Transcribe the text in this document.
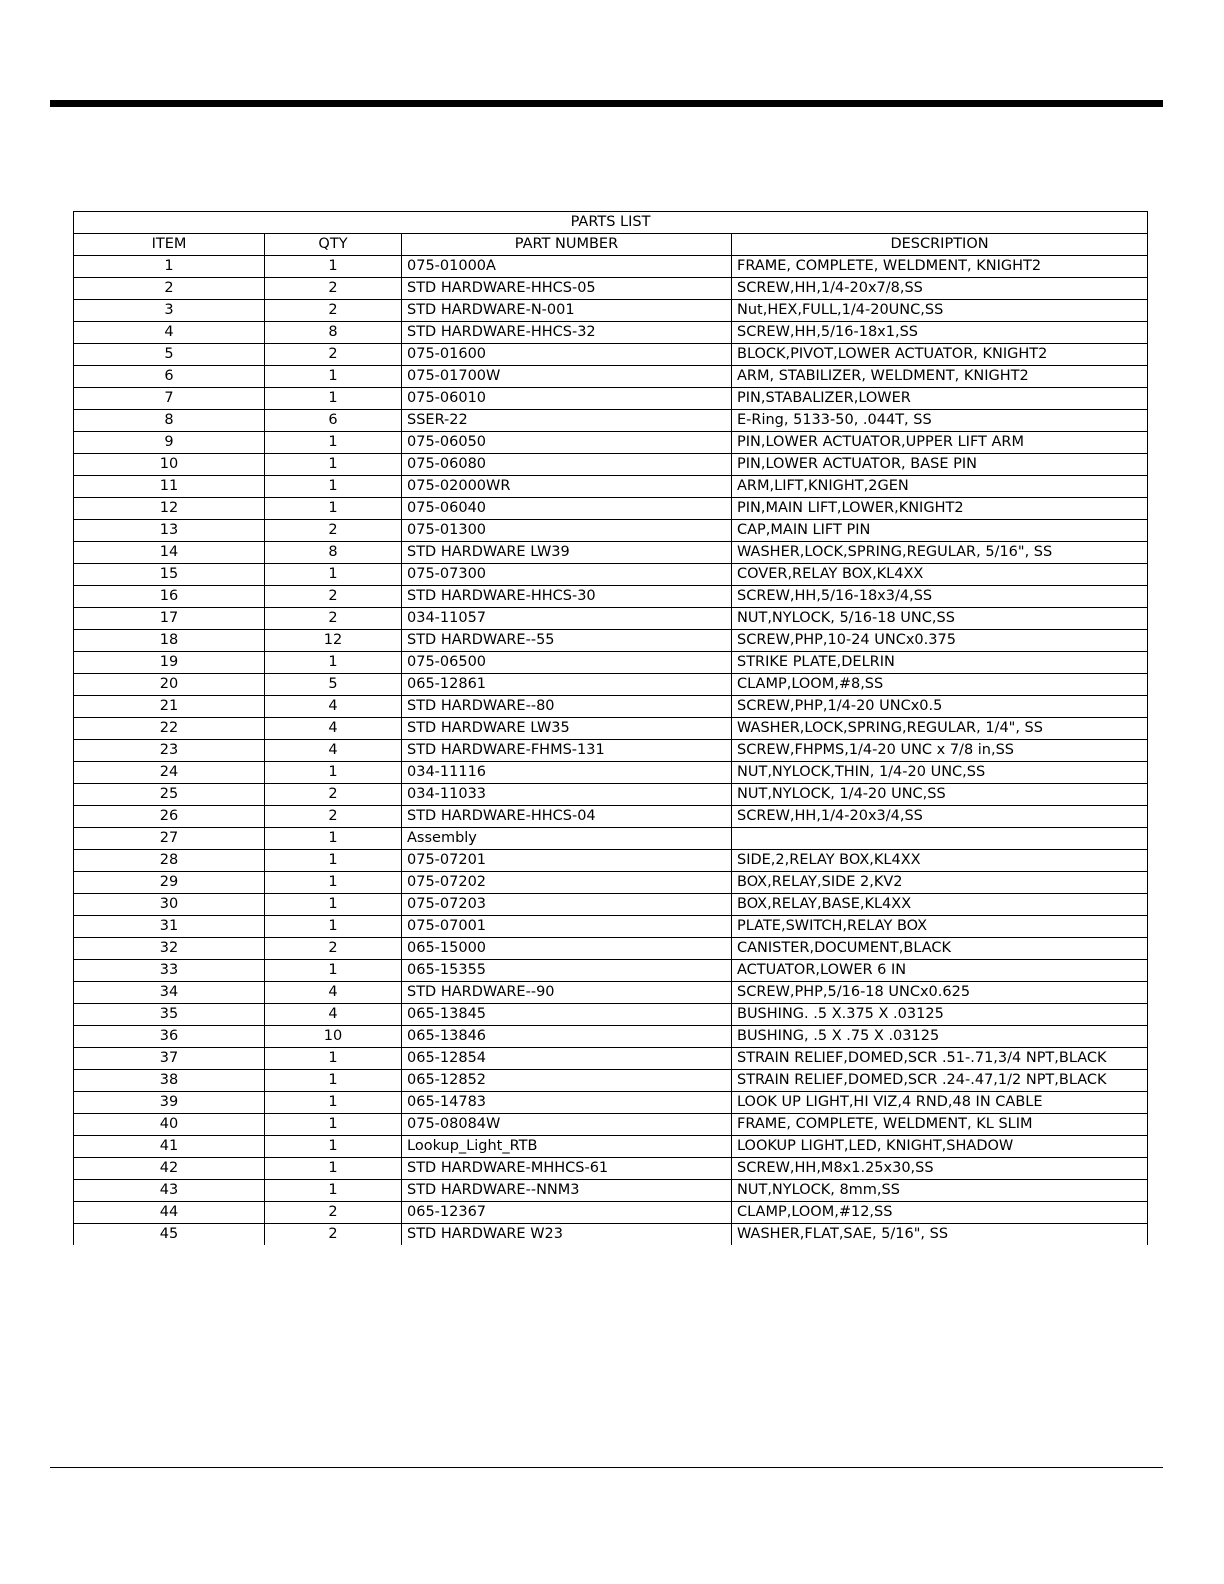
PARTS LIST			
ITEM	QTY	PART NUMBER	DESCRIPTION
1	1	075-01000A	FRAME, COMPLETE, WELDMENT, KNIGHT2
2	2	STD HARDWARE-HHCS-05	SCREW,HH,1/4-20x7/8,SS
3	2	STD HARDWARE-N-001	Nut,HEX,FULL,1/4-20UNC,SS
4	8	STD HARDWARE-HHCS-32	SCREW,HH,5/16-18x1,SS
5	2	075-01600	BLOCK,PIVOT,LOWER ACTUATOR, KNIGHT2
6	1	075-01700W	ARM, STABILIZER, WELDMENT, KNIGHT2
7	1	075-06010	PIN,STABALIZER,LOWER
8	6	SSER-22	E-Ring, 5133-50, .044T, SS
9	1	075-06050	PIN,LOWER ACTUATOR,UPPER LIFT ARM
10	1	075-06080	PIN,LOWER ACTUATOR, BASE PIN
11	1	075-02000WR	ARM,LIFT,KNIGHT,2GEN
12	1	075-06040	PIN,MAIN LIFT,LOWER,KNIGHT2
13	2	075-01300	CAP,MAIN LIFT PIN
14	8	STD HARDWARE LW39	WASHER,LOCK,SPRING,REGULAR, 5/16", SS
15	1	075-07300	COVER,RELAY BOX,KL4XX
16	2	STD HARDWARE-HHCS-30	SCREW,HH,5/16-18x3/4,SS
17	2	034-11057	NUT,NYLOCK, 5/16-18 UNC,SS
18	12	STD HARDWARE--55	SCREW,PHP,10-24 UNCx0.375
19	1	075-06500	STRIKE PLATE,DELRIN
20	5	065-12861	CLAMP,LOOM,#8,SS
21	4	STD HARDWARE--80	SCREW,PHP,1/4-20 UNCx0.5
22	4	STD HARDWARE LW35	WASHER,LOCK,SPRING,REGULAR, 1/4", SS
23	4	STD HARDWARE-FHMS-131	SCREW,FHPMS,1/4-20 UNC x 7/8 in,SS
24	1	034-11116	NUT,NYLOCK,THIN, 1/4-20 UNC,SS
25	2	034-11033	NUT,NYLOCK, 1/4-20 UNC,SS
26	2	STD HARDWARE-HHCS-04	SCREW,HH,1/4-20x3/4,SS
27	1	Assembly	
28	1	075-07201	SIDE,2,RELAY BOX,KL4XX
29	1	075-07202	BOX,RELAY,SIDE 2,KV2
30	1	075-07203	BOX,RELAY,BASE,KL4XX
31	1	075-07001	PLATE,SWITCH,RELAY BOX
32	2	065-15000	CANISTER,DOCUMENT,BLACK
33	1	065-15355	ACTUATOR,LOWER 6 IN
34	4	STD HARDWARE--90	SCREW,PHP,5/16-18 UNCx0.625
35	4	065-13845	BUSHING. .5 X.375 X .03125
36	10	065-13846	BUSHING, .5 X .75 X .03125
37	1	065-12854	STRAIN RELIEF,DOMED,SCR .51-.71,3/4 NPT,BLACK
38	1	065-12852	STRAIN RELIEF,DOMED,SCR .24-.47,1/2 NPT,BLACK
39	1	065-14783	LOOK UP LIGHT,HI VIZ,4 RND,48 IN CABLE
40	1	075-08084W	FRAME, COMPLETE, WELDMENT, KL SLIM
41	1	Lookup_Light_RTB	LOOKUP LIGHT,LED, KNIGHT,SHADOW
42	1	STD HARDWARE-MHHCS-61	SCREW,HH,M8x1.25x30,SS
43	1	STD HARDWARE--NNM3	NUT,NYLOCK, 8mm,SS
44	2	065-12367	CLAMP,LOOM,#12,SS
45	2	STD HARDWARE W23	WASHER,FLAT,SAE, 5/16", SS
